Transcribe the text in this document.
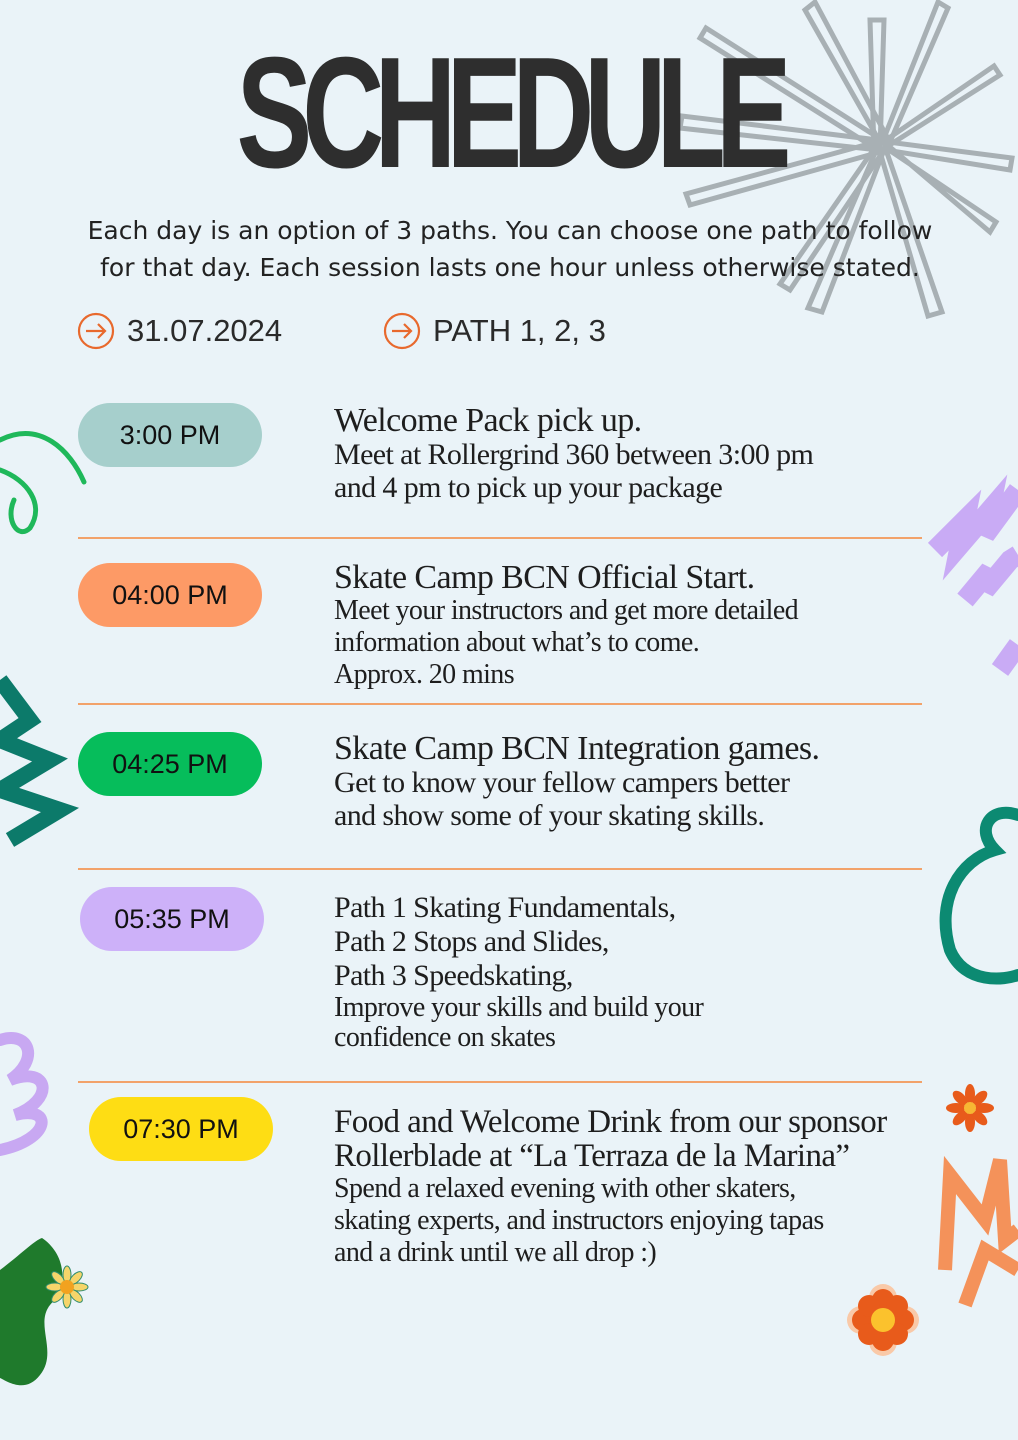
SCHEDULE
Each day is an option of 3 paths. You can choose one path to follow
for that day. Each session lasts one hour unless otherwise stated.
31.07.2024	PATH 1, 2, 3
3:00 PM	Welcome Pack pick up.
Meet at Rollergrind 360 between 3:00 pm
and 4 pm to pick up your package
04:00 PM	Skate Camp BCN Official Start.
Meet your instructors and get more detailed
information about what’s to come.
Approx. 20 mins
04:25 PM	Skate Camp BCN Integration games.
Get to know your fellow campers better
and show some of your skating skills.
05:35 PM	Path 1 Skating Fundamentals,
Path 2 Stops and Slides,
Path 3 Speedskating,
Improve your skills and build your
confidence on skates
07:30 PM	Food and Welcome Drink from our sponsor
Rollerblade at “La Terraza de la Marina”
Spend a relaxed evening with other skaters,
skating experts, and instructors enjoying tapas
and a drink until we all drop :)
